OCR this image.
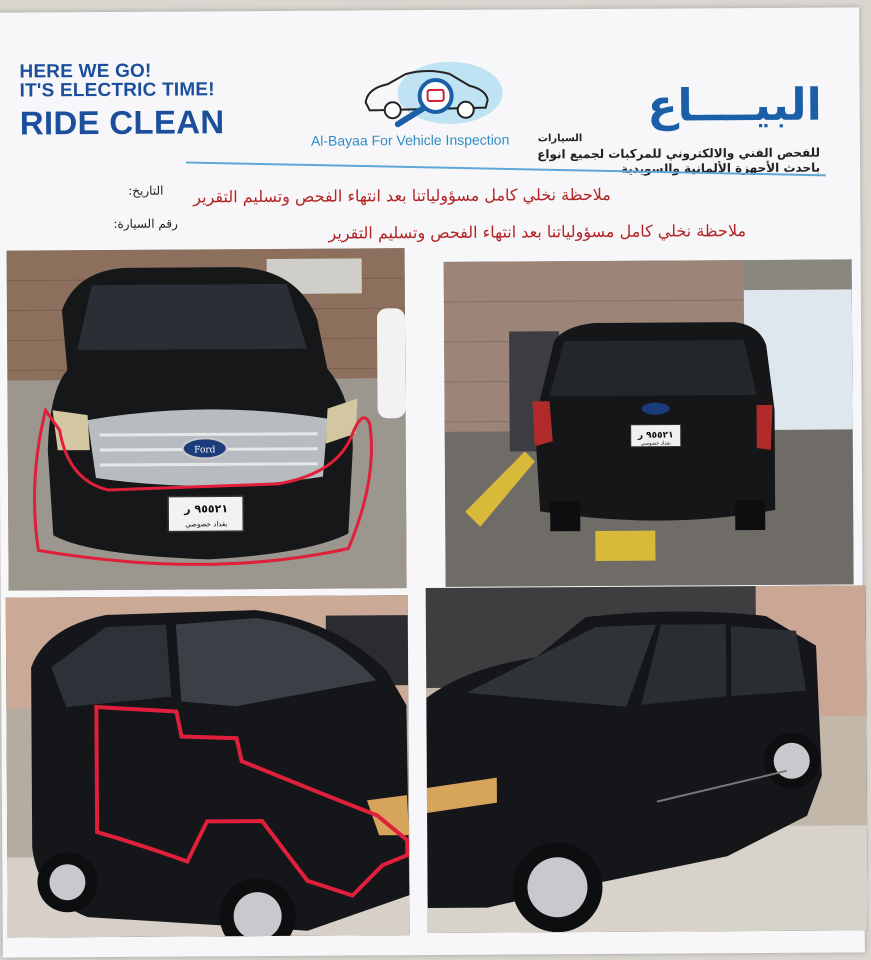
HERE WE GO!
IT'S ELECTRIC TIME!
RIDE CLEAN	Al-Bayaa For Vehicle Inspection
البيــــاع
السيارات
للفحص الفني والالكتروني للمركبات لجميع انواع
باحدث الأجهزة الألمانية والسويدية
التاريخ:
رقم السيارة:
ملاحظة نخلي كامل مسؤولياتنا بعد انتهاء الفحص وتسليم التقرير
ملاحظة نخلي كامل مسؤولياتنا بعد انتهاء الفحص وتسليم التقرير
Ford
٩٥٥٢١ ر
بغداد خصوصي
٩٥٥٢١ ر
بغداد خصوصي
